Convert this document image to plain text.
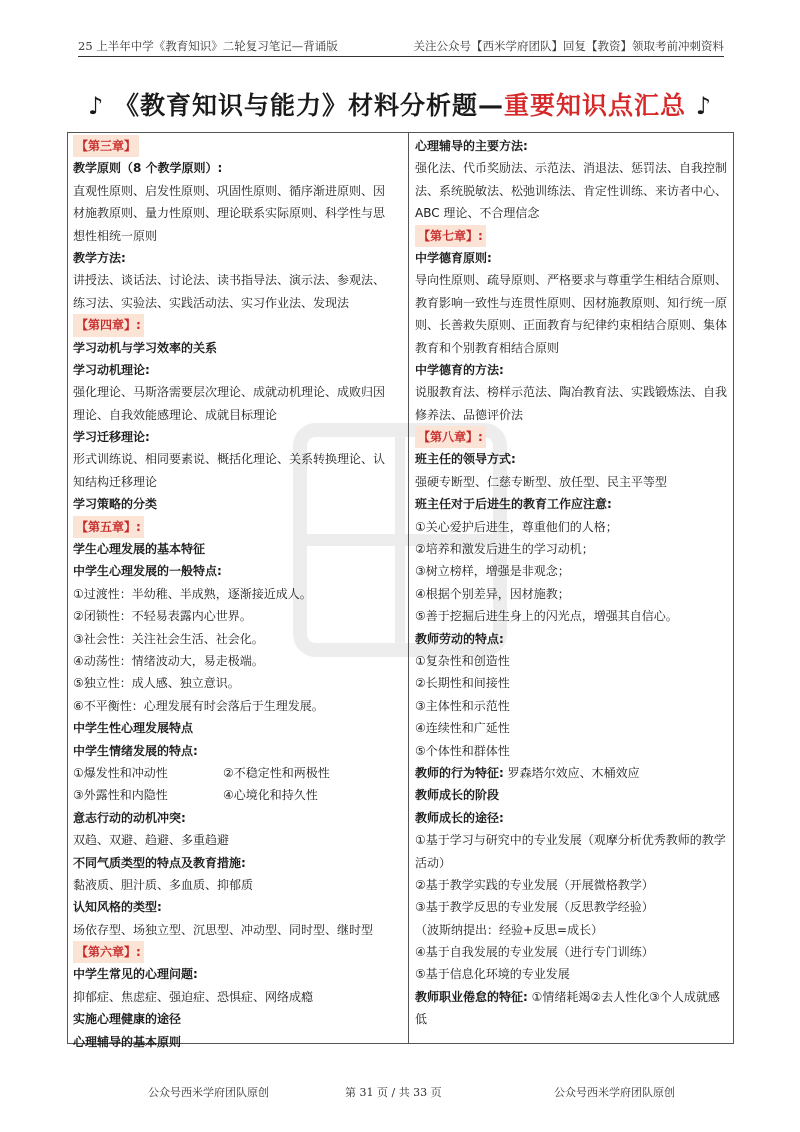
25 上半年中学《教育知识》二轮复习笔记—背诵版	关注公众号【西米学府团队】回复【教资】领取考前冲刺资料
♪ 《教育知识与能力》材料分析题—重要知识点汇总 ♪
【第三章】
教学原则（8 个教学原则）:
直观性原则、启发性原则、巩固性原则、循序渐进原则、因
材施教原则、量力性原则、理论联系实际原则、科学性与思
想性相统一原则
教学方法:
讲授法、谈话法、讨论法、读书指导法、演示法、参观法、
练习法、实验法、实践活动法、实习作业法、发现法
【第四章】:
学习动机与学习效率的关系
学习动机理论:
强化理论、马斯洛需要层次理论、成就动机理论、成败归因
理论、自我效能感理论、成就目标理论
学习迁移理论:
形式训练说、相同要素说、概括化理论、关系转换理论、认
知结构迁移理论
学习策略的分类
【第五章】:
学生心理发展的基本特征
中学生心理发展的一般特点:
①过渡性：半幼稚、半成熟，逐渐接近成人。
②闭锁性：不轻易表露内心世界。
③社会性：关注社会生活、社会化。
④动荡性：情绪波动大，易走极端。
⑤独立性：成人感、独立意识。
⑥不平衡性：心理发展有时会落后于生理发展。
中学生性心理发展特点
中学生情绪发展的特点:
①爆发性和冲动性	②不稳定性和两极性
③外露性和内隐性	④心境化和持久性
意志行动的动机冲突:
双趋、双避、趋避、多重趋避
不同气质类型的特点及教育措施:
黏液质、胆汁质、多血质、抑郁质
认知风格的类型:
场依存型、场独立型、沉思型、冲动型、同时型、继时型
【第六章】:
中学生常见的心理问题:
抑郁症、焦虑症、强迫症、恐惧症、网络成瘾
实施心理健康的途径
心理辅导的基本原则
心理辅导的主要方法:
强化法、代币奖励法、示范法、消退法、惩罚法、自我控制
法、系统脱敏法、松弛训练法、肯定性训练、来访者中心、
ABC 理论、不合理信念
【第七章】:
中学德育原则:
导向性原则、疏导原则、严格要求与尊重学生相结合原则、
教育影响一致性与连贯性原则、因材施教原则、知行统一原
则、长善救失原则、正面教育与纪律约束相结合原则、集体
教育和个别教育相结合原则
中学德育的方法:
说服教育法、榜样示范法、陶冶教育法、实践锻炼法、自我
修养法、品德评价法
【第八章】:
班主任的领导方式:
强硬专断型、仁慈专断型、放任型、民主平等型
班主任对于后进生的教育工作应注意:
①关心爱护后进生，尊重他们的人格；
②培养和激发后进生的学习动机；
③树立榜样，增强是非观念；
④根据个别差异，因材施教；
⑤善于挖掘后进生身上的闪光点，增强其自信心。
教师劳动的特点:
①复杂性和创造性
②长期性和间接性
③主体性和示范性
④连续性和广延性
⑤个体性和群体性
教师的行为特征: 罗森塔尔效应、木桶效应
教师成长的阶段
教师成长的途径:
①基于学习与研究中的专业发展（观摩分析优秀教师的教学
活动）
②基于教学实践的专业发展（开展微格教学）
③基于教学反思的专业发展（反思教学经验）
（波斯纳提出：经验+反思=成长）
④基于自我发展的专业发展（进行专门训练）
⑤基于信息化环境的专业发展
教师职业倦怠的特征: ①情绪耗竭②去人性化③个人成就感
低
公众号西米学府团队原创	第 31 页 / 共 33 页	公众号西米学府团队原创
